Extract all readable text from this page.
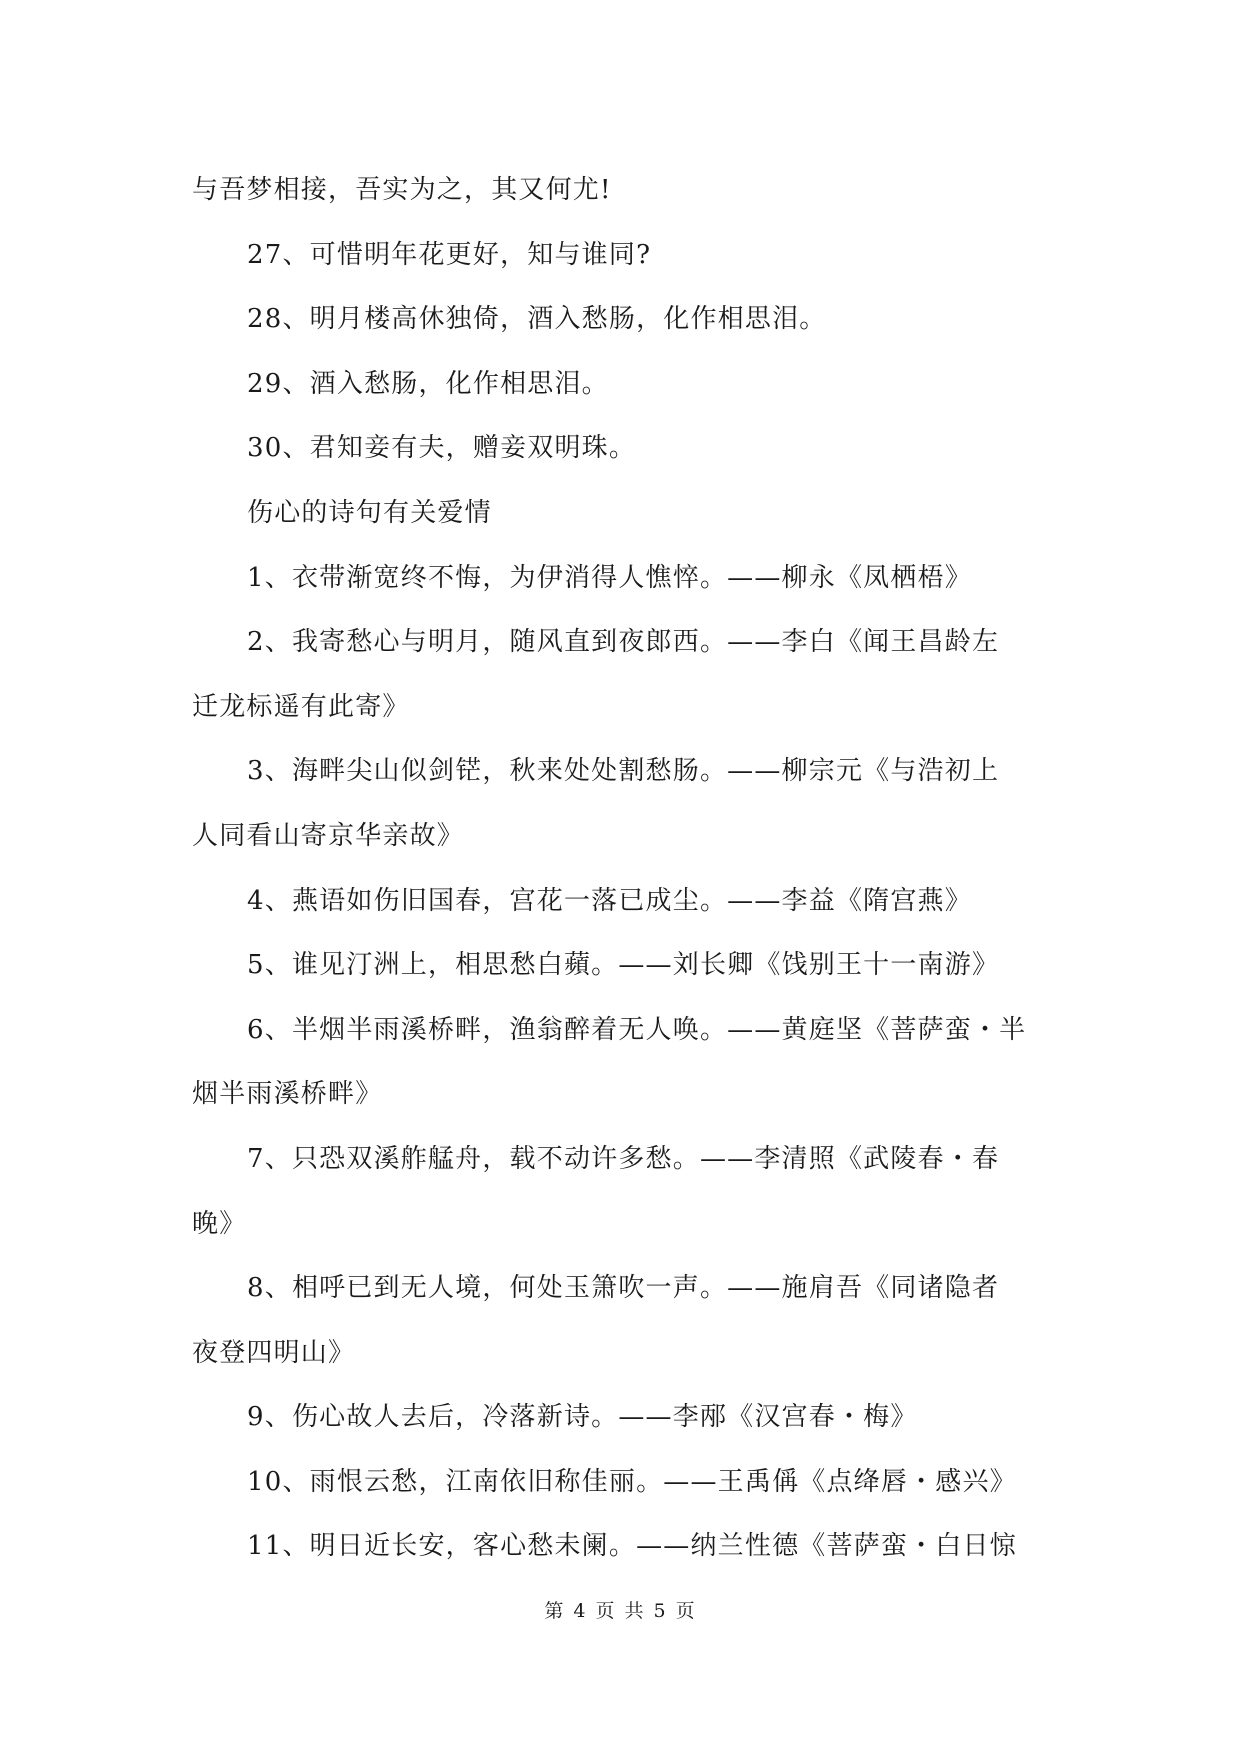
与吾梦相接，吾实为之，其又何尤!
27、可惜明年花更好，知与谁同?
28、明月楼高休独倚，酒入愁肠，化作相思泪。
29、酒入愁肠，化作相思泪。
30、君知妾有夫，赠妾双明珠。
伤心的诗句有关爱情
1、衣带渐宽终不悔，为伊消得人憔悴。——柳永《凤栖梧》
2、我寄愁心与明月，随风直到夜郎西。——李白《闻王昌龄左
迁龙标遥有此寄》
3、海畔尖山似剑铓，秋来处处割愁肠。——柳宗元《与浩初上
人同看山寄京华亲故》
4、燕语如伤旧国春，宫花一落已成尘。——李益《隋宫燕》
5、谁见汀洲上，相思愁白蘋。——刘长卿《饯别王十一南游》
6、半烟半雨溪桥畔，渔翁醉着无人唤。——黄庭坚《菩萨蛮・半
烟半雨溪桥畔》
7、只恐双溪舴艋舟，载不动许多愁。——李清照《武陵春・春
晚》
8、相呼已到无人境，何处玉箫吹一声。——施肩吾《同诸隐者
夜登四明山》
9、伤心故人去后，冷落新诗。——李邴《汉宫春・梅》
10、雨恨云愁，江南依旧称佳丽。——王禹偁《点绛唇・感兴》
11、明日近长安，客心愁未阑。——纳兰性德《菩萨蛮・白日惊
第 4 页 共 5 页
